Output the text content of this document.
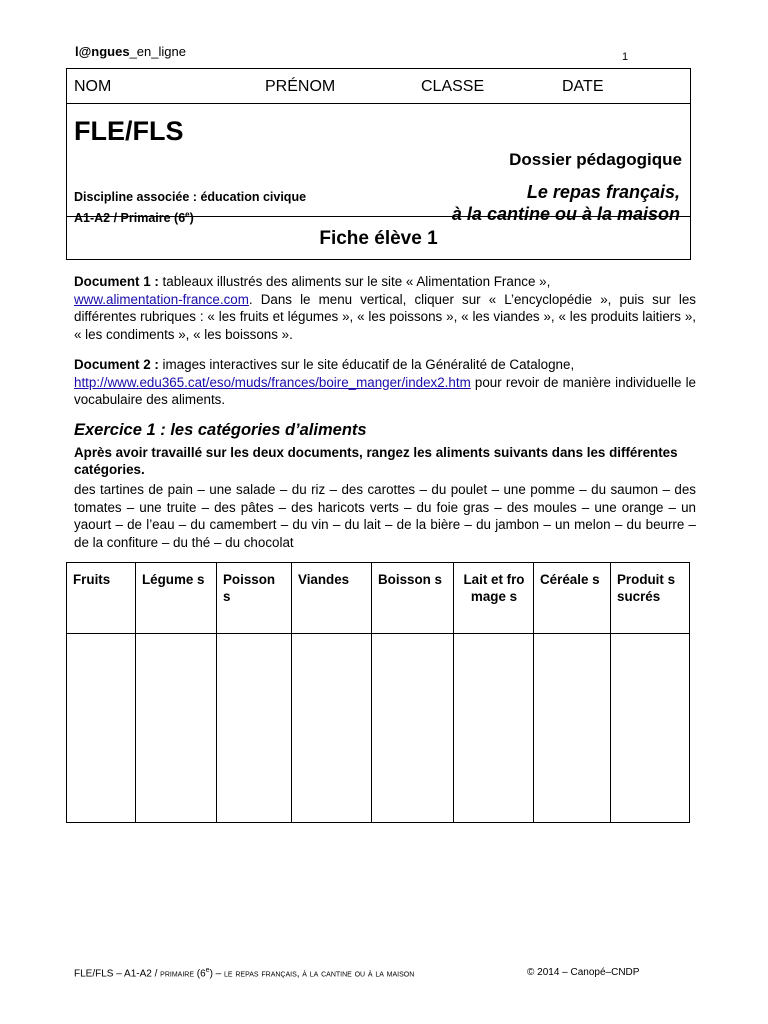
l@ngues_en_ligne	1
NOM	PRÉNOM	CLASSE	DATE
FLE/FLS
Discipline associée : éducation civique
A1-A2 / Primaire (6e)
Dossier pédagogique
Le repas français,
à la cantine ou à la maison
Fiche élève 1
Document 1 : tableaux illustrés des aliments sur le site « Alimentation France »,
www.alimentation-france.com. Dans le menu vertical, cliquer sur « L’encyclopédie », puis sur les différentes rubriques : « les fruits et légumes », « les poissons », « les viandes », « les produits laitiers », « les condiments », « les boissons ».
Document 2 : images interactives sur le site éducatif de la Généralité de Catalogne,
http://www.edu365.cat/eso/muds/frances/boire_manger/index2.htm pour revoir de manière individuelle le vocabulaire des aliments.
Exercice 1 : les catégories d’aliments
Après avoir travaillé sur les deux documents, rangez les aliments suivants dans les différentes catégories.
des tartines de pain – une salade – du riz – des carottes – du poulet – une pomme – du saumon – des tomates – une truite – des pâtes – des haricots verts – du foie gras – des moules – une orange – un yaourt – de l’eau – du camembert – du vin – du lait – de la bière – du jambon – un melon – du beurre – de la confiture – du thé – du chocolat
Fruits	Légume s	Poisson s	Viandes	Boisson s	Lait et fromage s	Céréale s	Produit s sucrés

FLE/FLS – A1-A2 / primaire (6e) – le repas français, à la cantine ou à la maison	© 2014 – Canopé–CNDP
